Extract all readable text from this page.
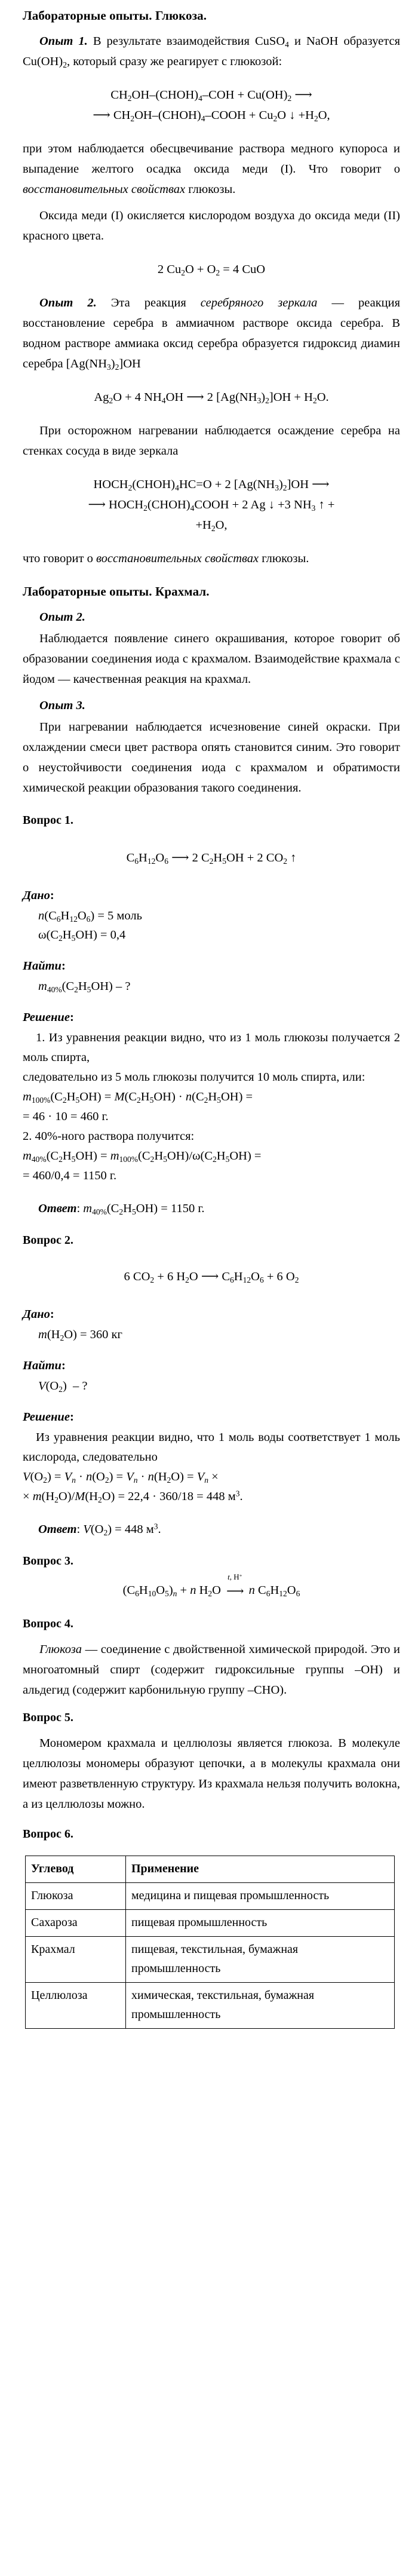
Лабораторные опыты. Глюкоза.

Опыт 1. В результате взаимодействия CuSO$_4$ и NaOH образуется $Cu(OH)_2$, который сразу же реагирует с глюкозой:

$CH_2OH-(CHOH)_4$–COH + $Cu(OH)_2$ ⟶
⟶ $CH_2OH-(CHOH)_4$–COOH + $Cu_2O$ ↓ $+H_2O$,

при этом наблюдается обесцвечивание раствора медного купороса и выпадение желтого осадка оксида меди (I). Что говорит о восстановительных свойствах глюкозы.

Оксида меди (I) окисляется кислородом воздуха до оксида меди (II) красного цвета.

2 $Cu_2O + O_2 = 4$ CuO

Опыт 2. Эта реакция серебряного зеркала — реакция восстановление серебра в аммиачном растворе оксида серебра. В водном растворе аммиака оксид серебра образуется гидроксид диамин серебра $[Ag(NH_3)_2]OH$

$Ag_2O + 4$ $NH_4OH$ ⟶ 2 $[Ag(NH_3)_2]OH + H_2O$.

При осторожном нагревании наблюдается осаждение серебра на стенках сосуда в виде зеркала

$HOCH_2(CHOH)_4HC=O + 2$ $[Ag(NH_3)_2]OH$ ⟶
⟶ $HOCH_2(CHOH)_4COOH + 2$ Ag ↓ +3 $NH_3$ ↑ +
$+H_2O$,

что говорит о восстановительных свойствах глюкозы.

Лабораторные опыты. Крахмал.

Опыт 2.

Наблюдается появление синего окрашивания, которое говорит об образовании соединения иода с крахмалом. Взаимодействие крахмала с йодом — качественная реакция на крахмал.

Опыт 3.

При нагревании наблюдается исчезновение синей окраски. При охлаждении смеси цвет раствора опять становится синим. Это говорит о неустойчивости соединения иода с крахмалом и обратимости химической реакции образования такого соединения.

Вопрос 1.
$C_6H_{12}O_6$ ⟶ 2 $C_2H_5OH + 2$ $CO_2$ ↑
Дано:
$n(C_6H_{12}O_6) = 5$ моль
$\omega(C_2H_5OH) = 0,4$
Найти:
$m_{40\%}(C_2H_5OH)$ – ?
Решение:
1. Из уравнения реакции видно, что из 1 моль глюкозы получается 2 моль спирта,
следовательно из 5 моль глюкозы получится 10 моль спирта, или:
$m_{100\%}(C_2H_5OH) = M(C_2H_5OH) \cdot n(C_2H_5OH)$ =
= 46 · 10 = 460 г.
2. 40%-ного раствора получится:
$m_{40\%}(C_2H_5OH) = m_{100\%}(C_2H_5OH)/\omega(C_2H_5OH)$ =
= 460/0,4 = 1150 г.
Ответ: $m_{40\%}(C_2H_5OH) = 1150$ г.
Вопрос 2.
6 $CO_2 + 6$ $H_2O$ ⟶ $C_6H_{12}O_6 + 6$ $O_2$
Дано:
$m(H_2O) = 360$ кг
Найти:
$V(O_2)$  – ?
Решение:
Из уравнения реакции видно, что 1 моль воды соответствует 1 моль кислорода, следовательно
$V(O_2) = V_n \cdot n(O_2) = V_n \cdot n(H_2O) = V_n$ ×
× $m(H_2O)/M(H_2O) = 22,4 \cdot 360/18 = 448$ $м^3$.
Ответ: $V(O_2) = 448$ $м^3$.
Вопрос 3.
$(C_6H_{10}O_5)_n + n$ $H_2O$
t, H+
⟶ n $C_6H_{12}O_6$
Вопрос 4.

Глюкоза — соединение с двойственной химической природой. Это и многоатомный спирт (содержит гидроксильные группы –ОН) и альдегид (содержит карбонильную группу –СНО).

Вопрос 5.

Мономером крахмала и целлюлозы является глюкоза. В молекуле целлюлозы мономеры образуют цепочки, а в молекулы крахмала они имеют разветвленную структуру. Из крахмала нельзя получить волокна, а из целлюлозы можно.

Вопрос 6.
Углевод	Применение
Глюкоза	медицина и пищевая промышленность
Сахароза	пищевая промышленность
Крахмал	пищевая, текстильная, бумажная промышленность
Целлюлоза	химическая, текстильная, бумажная промышленность
